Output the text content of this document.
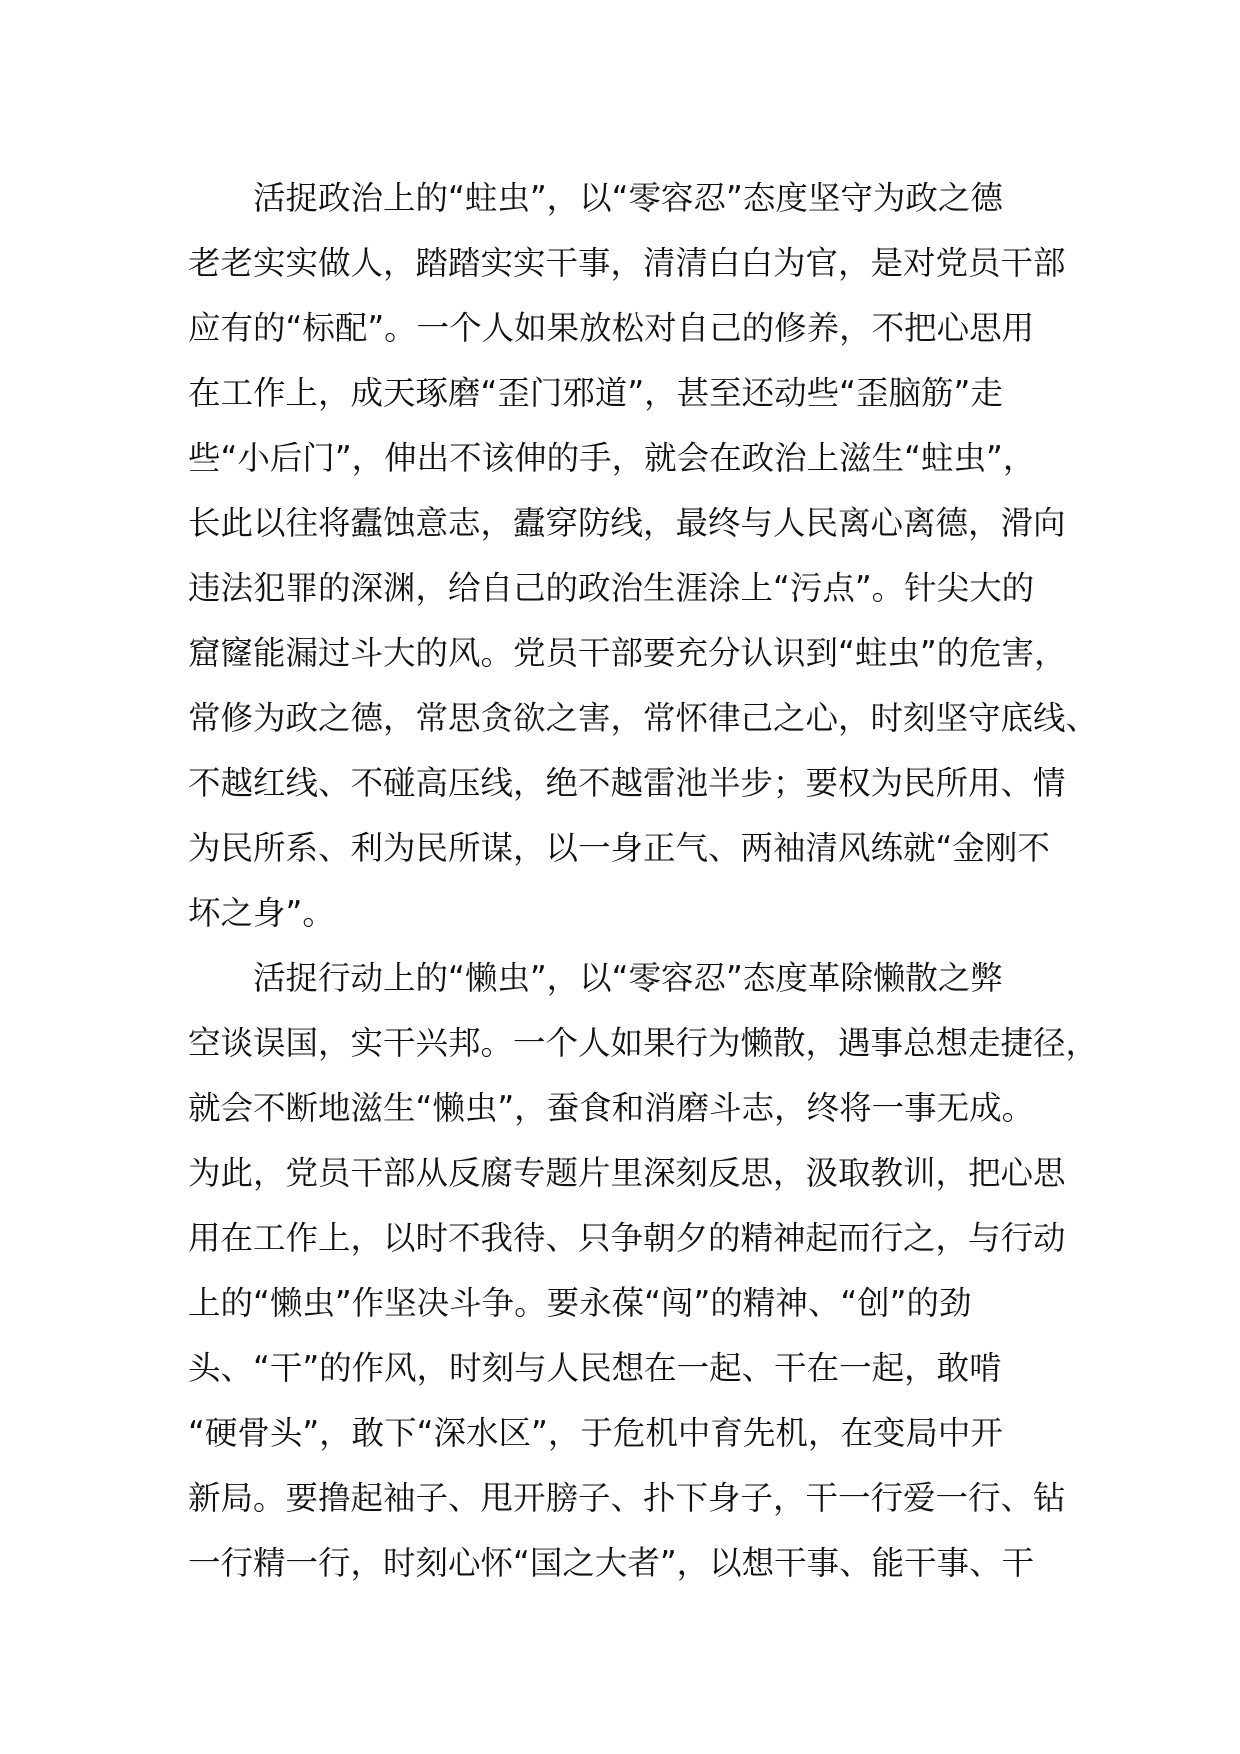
　　活捉政治上的“蛀虫”，以“零容忍”态度坚守为政之德
老老实实做人，踏踏实实干事，清清白白为官，是对党员干部
应有的“标配”。一个人如果放松对自己的修养，不把心思用
在工作上，成天琢磨“歪门邪道”，甚至还动些“歪脑筋”走
些“小后门”，伸出不该伸的手，就会在政治上滋生“蛀虫”，
长此以往将蠹蚀意志，蠹穿防线，最终与人民离心离德，滑向
违法犯罪的深渊，给自己的政治生涯涂上“污点”。针尖大的
窟窿能漏过斗大的风。党员干部要充分认识到“蛀虫”的危害，
常修为政之德，常思贪欲之害，常怀律己之心，时刻坚守底线、
不越红线、不碰高压线，绝不越雷池半步；要权为民所用、情
为民所系、利为民所谋，以一身正气、两袖清风练就“金刚不
坏之身”。
　　活捉行动上的“懒虫”，以“零容忍”态度革除懒散之弊
空谈误国，实干兴邦。一个人如果行为懒散，遇事总想走捷径，
就会不断地滋生“懒虫”，蚕食和消磨斗志，终将一事无成。
为此，党员干部从反腐专题片里深刻反思，汲取教训，把心思
用在工作上，以时不我待、只争朝夕的精神起而行之，与行动
上的“懒虫”作坚决斗争。要永葆“闯”的精神、“创”的劲
头、“干”的作风，时刻与人民想在一起、干在一起，敢啃
“硬骨头”，敢下“深水区”，于危机中育先机，在变局中开
新局。要撸起袖子、甩开膀子、扑下身子，干一行爱一行、钻
一行精一行，时刻心怀“国之大者”，以想干事、能干事、干
